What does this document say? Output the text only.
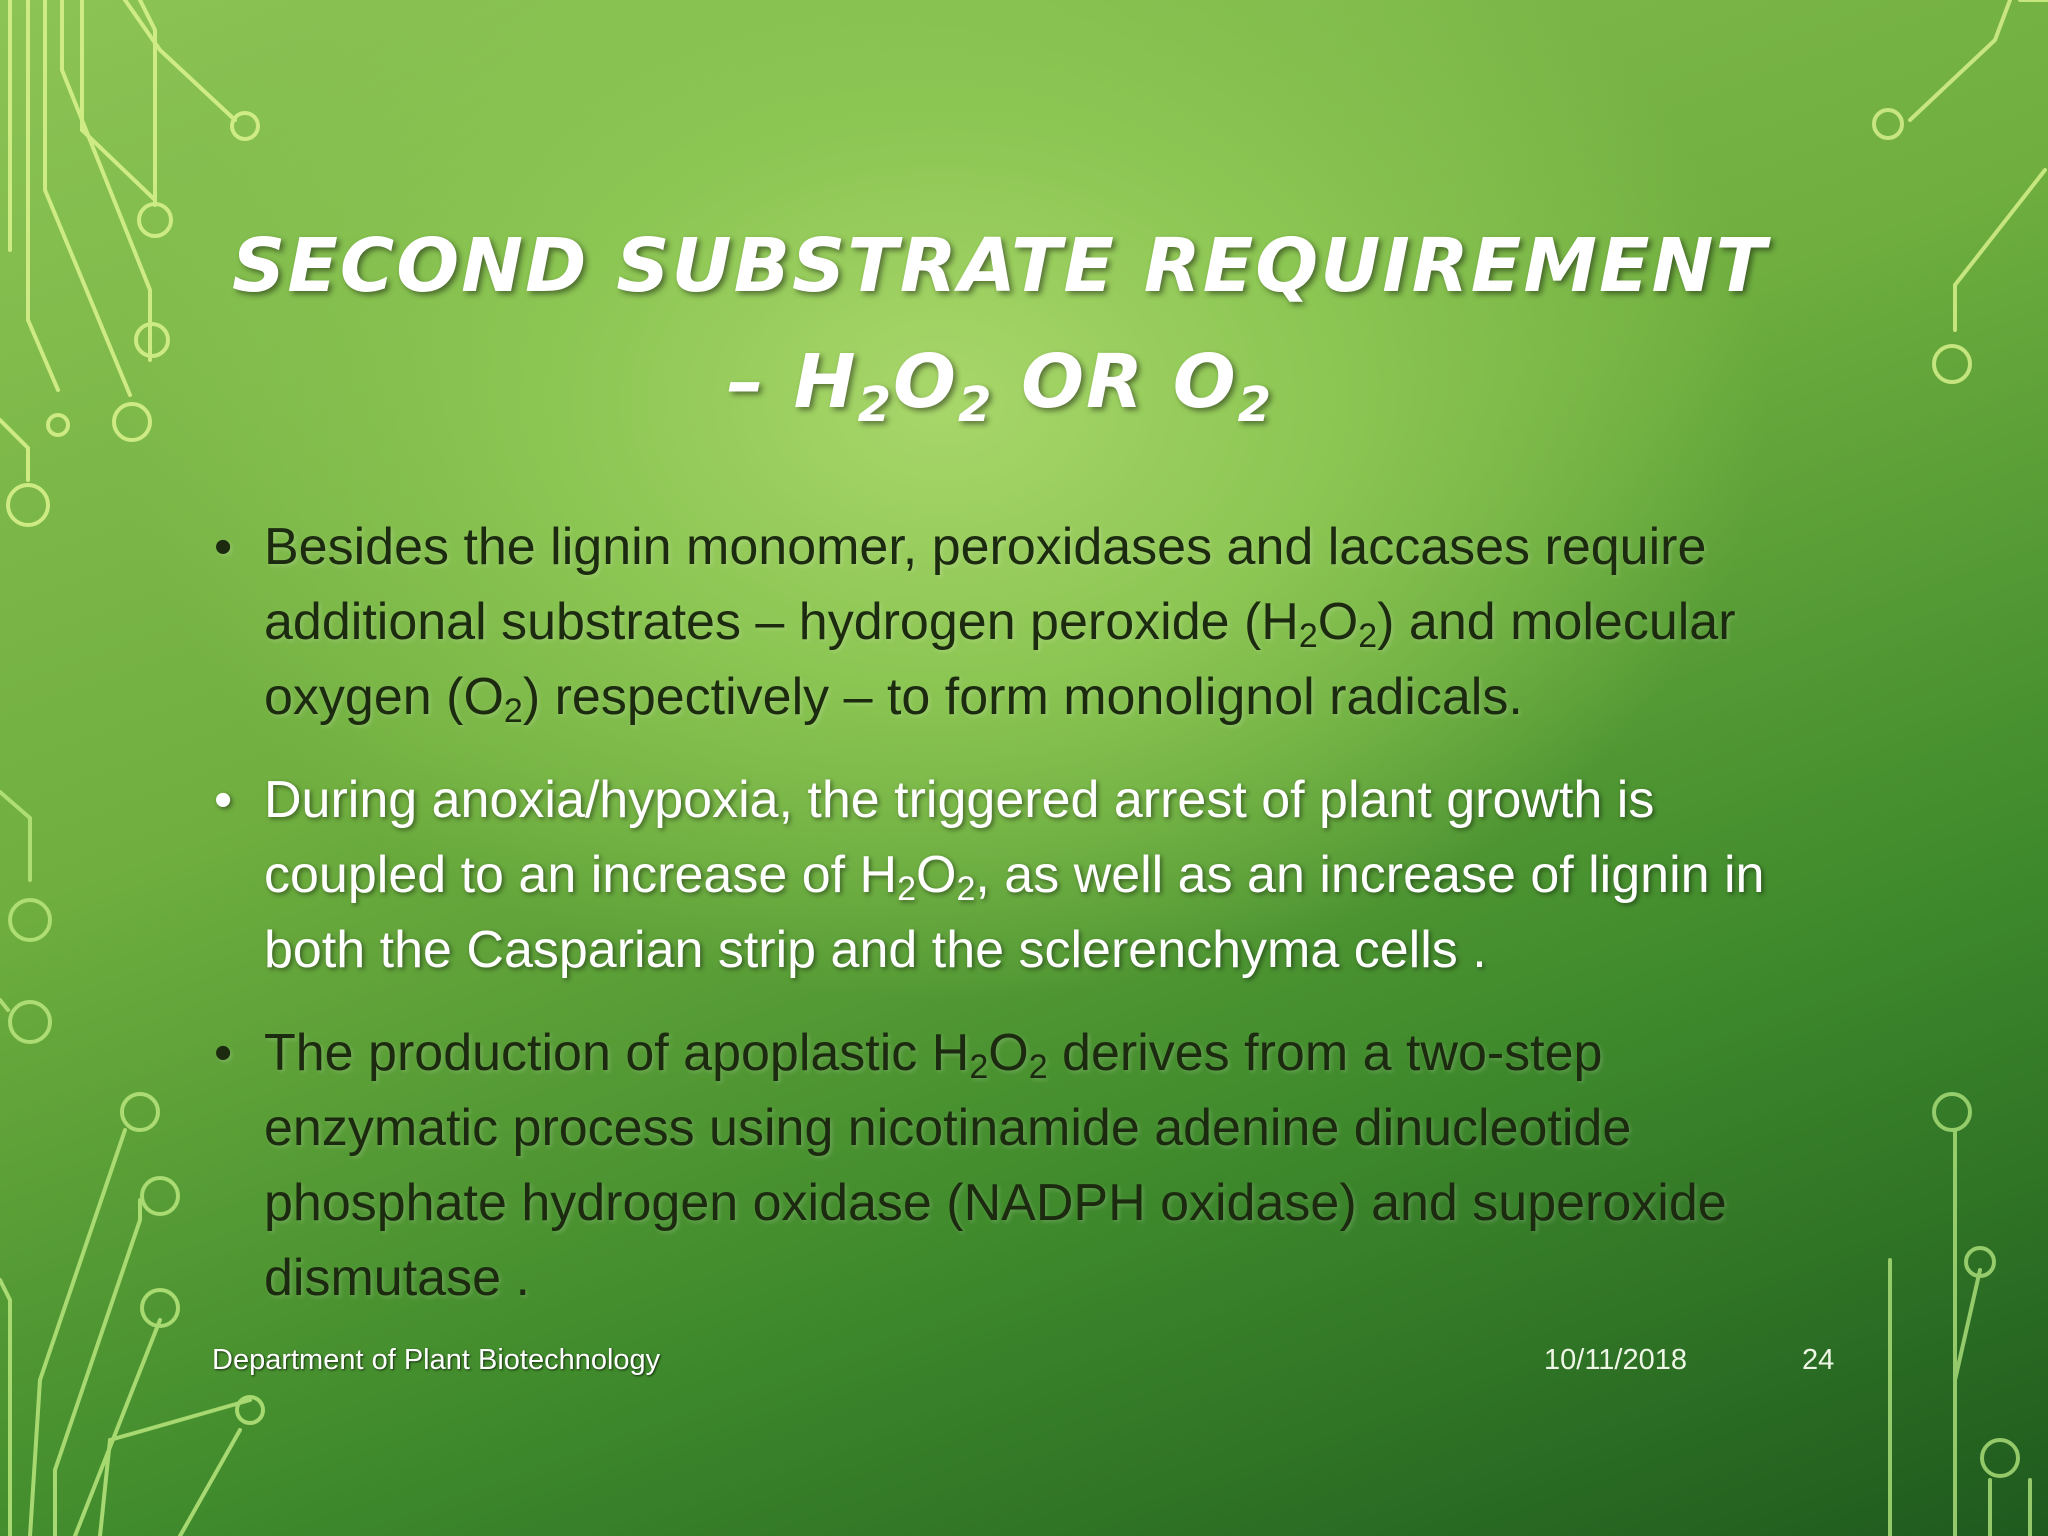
SECOND SUBSTRATE REQUIREMENT
– $H_2O_2$ OR $O_2$
• Besides the lignin monomer, peroxidases and laccases require additional substrates – hydrogen peroxide $(H_2O_2)$ and molecular oxygen $(O_2)$ respectively – to form monolignol radicals.
• During anoxia/hypoxia, the triggered arrest of plant growth is coupled to an increase of $H_2O_2$, as well as an increase of lignin in both the Casparian strip and the sclerenchyma cells .
• The production of apoplastic $H_2O_2$ derives from a two-step enzymatic process using nicotinamide adenine dinucleotide phosphate hydrogen oxidase (NADPH oxidase) and superoxide dismutase .
Department of Plant Biotechnology	10/11/2018	24
